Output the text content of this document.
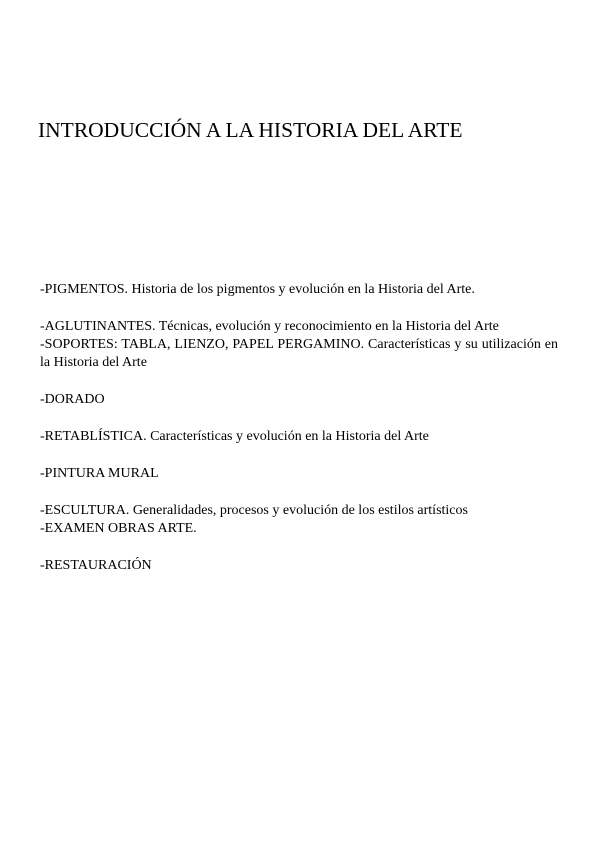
INTRODUCCIÓN A LA HISTORIA DEL ARTE

-PIGMENTOS. Historia de los pigmentos y evolución en la Historia del Arte.

-AGLUTINANTES. Técnicas, evolución y reconocimiento en la Historia del Arte

-SOPORTES: TABLA, LIENZO, PAPEL PERGAMINO. Características y su utilización en la Historia del Arte

-DORADO

-RETABLÍSTICA. Características y evolución en la Historia del Arte

-PINTURA MURAL

-ESCULTURA. Generalidades, procesos y evolución de los estilos artísticos

-EXAMEN OBRAS ARTE.

-RESTAURACIÓN
